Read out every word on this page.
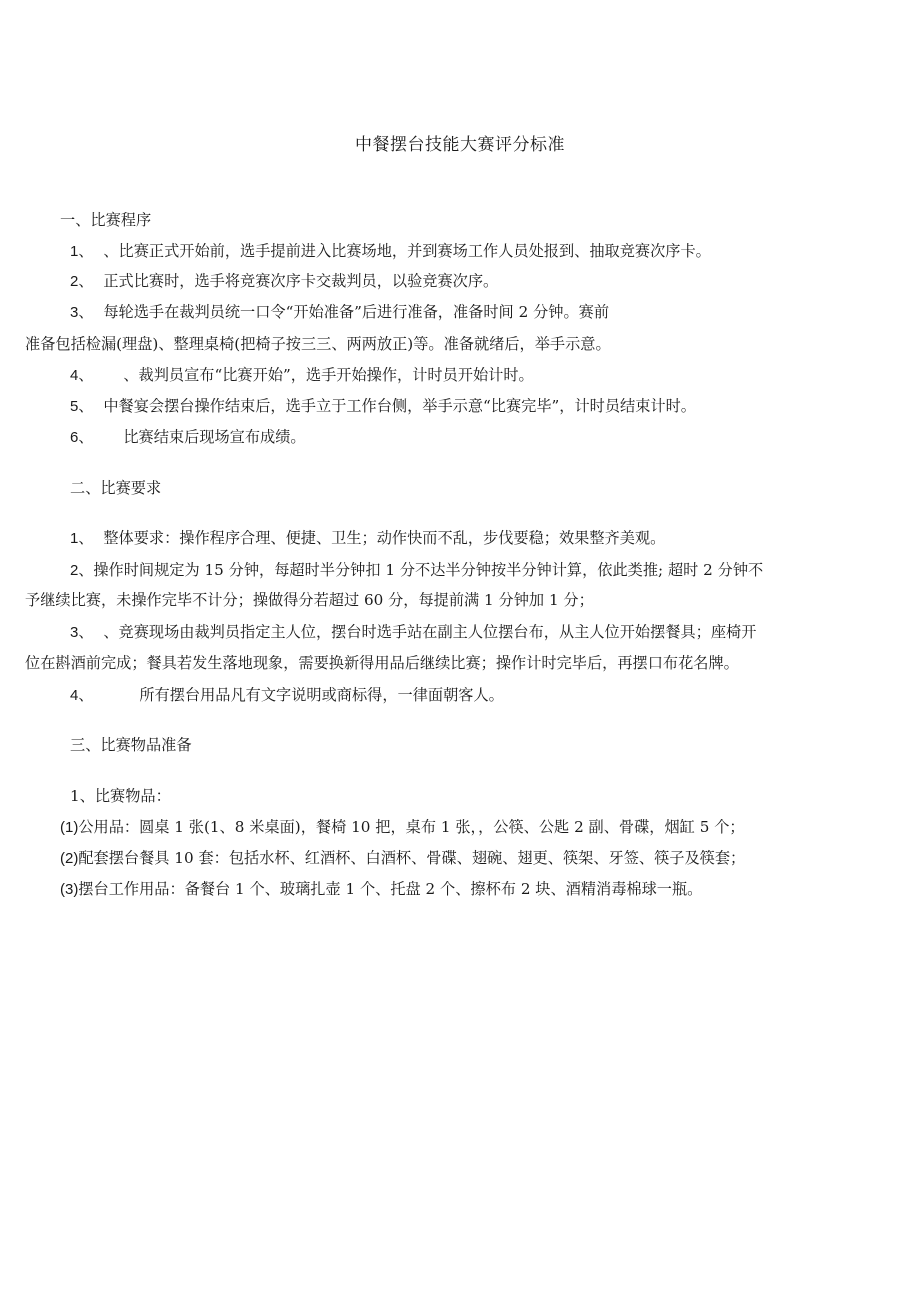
中餐摆台技能大赛评分标准
一、比赛程序
1、 、比赛正式开始前，选手提前进入比赛场地，并到赛场工作人员处报到、抽取竞赛次序卡。
2、 正式比赛时，选手将竞赛次序卡交裁判员，以验竞赛次序。
3、 每轮选手在裁判员统一口令“开始准备”后进行准备，准备时间 2 分钟。赛前
准备包括检漏(理盘)、整理桌椅(把椅子按三三、两两放正)等。准备就绪后，举手示意。
4、 、裁判员宣布“比赛开始”，选手开始操作，计时员开始计时。
5、 中餐宴会摆台操作结束后，选手立于工作台侧，举手示意“比赛完毕”，计时员结束计时。
6、 比赛结束后现场宣布成绩。
二、比赛要求
1、 整体要求：操作程序合理、便捷、卫生；动作快而不乱，步伐要稳；效果整齐美观。
2、操作时间规定为 15 分钟，每超时半分钟扣 1 分不达半分钟按半分钟计算，依此类推; 超时 2 分钟不
予继续比赛，未操作完毕不计分；操做得分若超过 60 分，每提前满 1 分钟加 1 分；
3、 、竞赛现场由裁判员指定主人位，摆台时选手站在副主人位摆台布，从主人位开始摆餐具；座椅开
位在斟酒前完成；餐具若发生落地现象，需要换新得用品后继续比赛；操作计时完毕后，再摆口布花名牌。
4、	所有摆台用品凡有文字说明或商标得，一律面朝客人。
三、比赛物品准备
1、比赛物品：
(1)公用品：圆桌 1 张(1、8 米桌面)，餐椅 10 把，桌布 1 张，，公筷、公匙 2 副、骨碟，烟缸 5 个；
(2)配套摆台餐具 10 套：包括水杯、红酒杯、白酒杯、骨碟、翅碗、翅更、筷架、牙签、筷子及筷套；
(3)摆台工作用品：备餐台 1 个、玻璃扎壶 1 个、托盘 2 个、擦杯布 2 块、酒精消毒棉球一瓶。
